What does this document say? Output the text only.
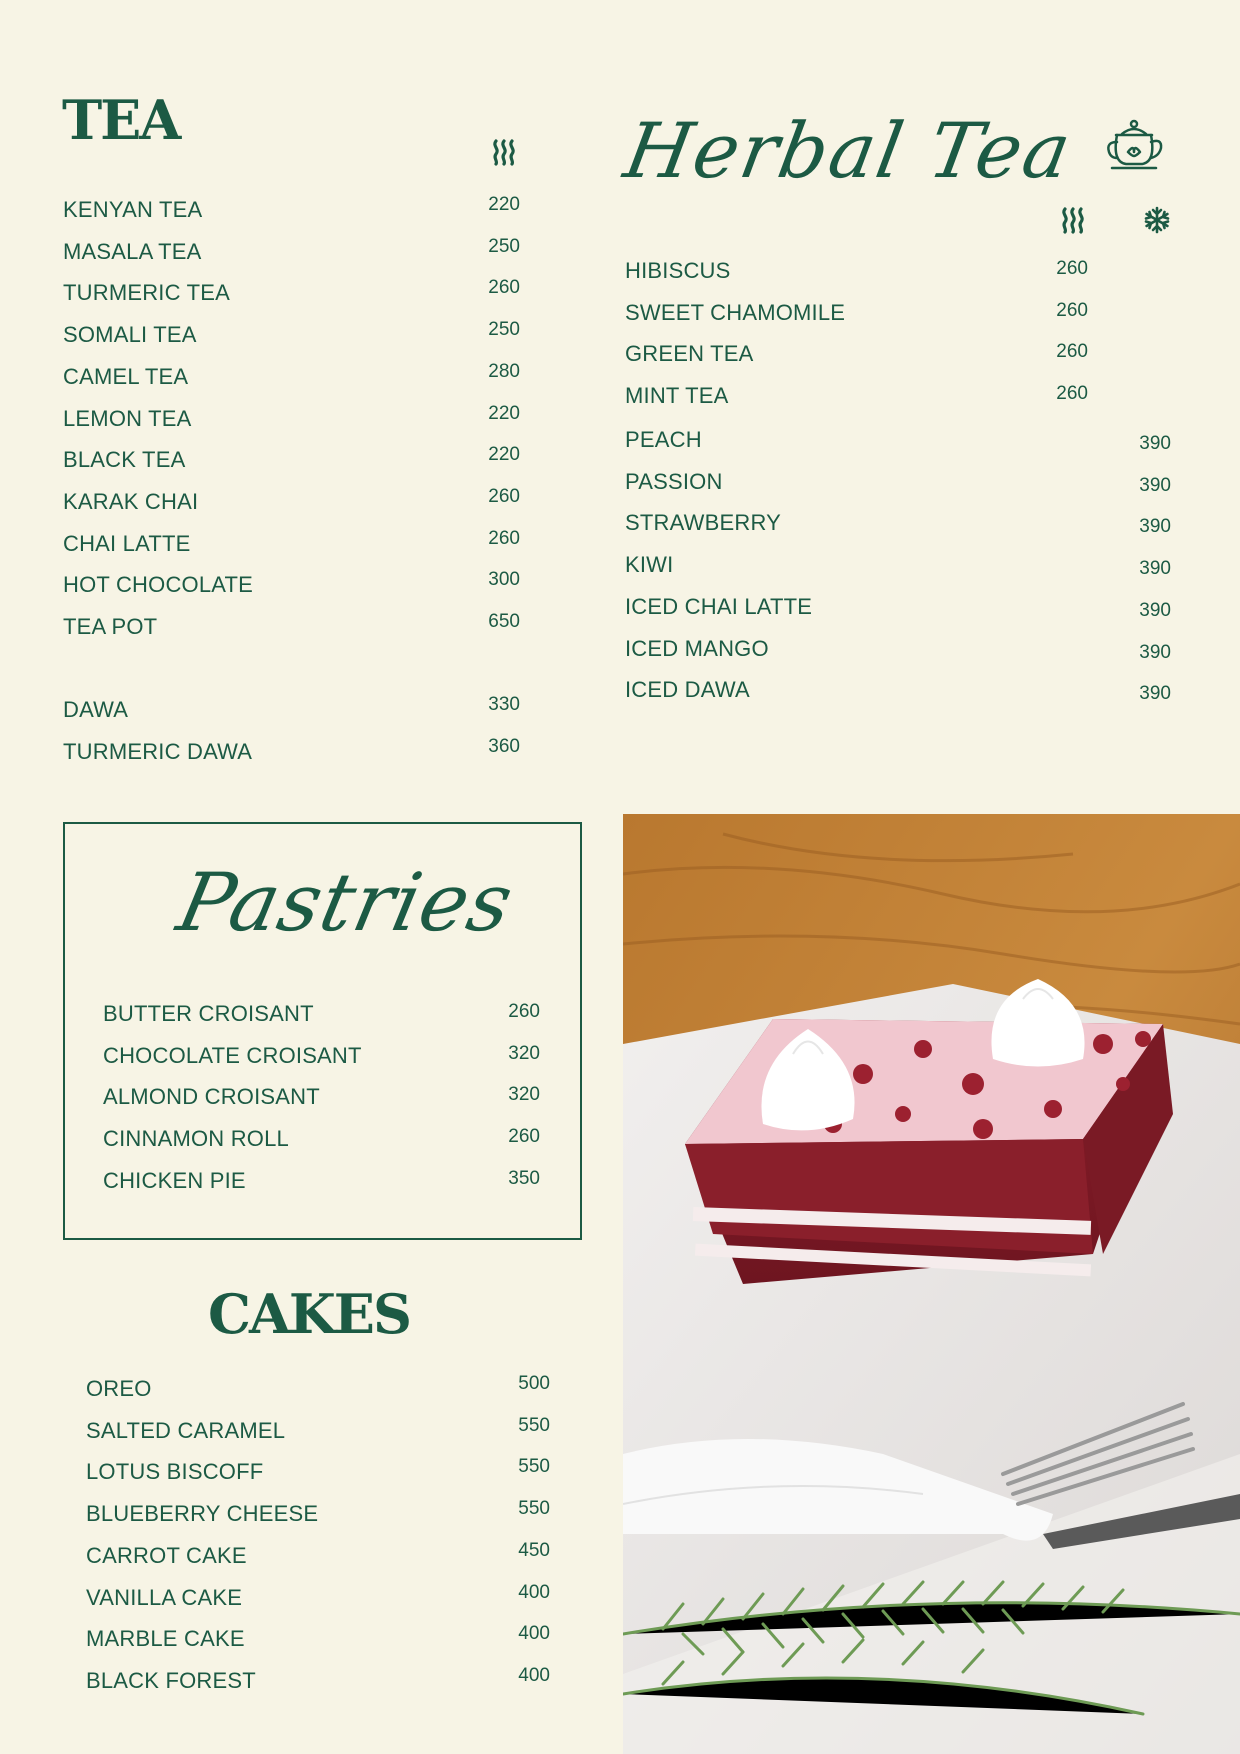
TEA
KENYAN TEA	220
MASALA TEA	250
TURMERIC TEA	260
SOMALI TEA	250
CAMEL TEA	280
LEMON TEA	220
BLACK TEA	220
KARAK CHAI	260
CHAI LATTE	260
HOT CHOCOLATE	300
TEA POT	650
DAWA	330
TURMERIC DAWA	360
Herbal Tea
HIBISCUS	260
SWEET CHAMOMILE	260
GREEN TEA	260
MINT TEA	260
PEACH	390
PASSION	390
STRAWBERRY	390
KIWI	390
ICED CHAI LATTE	390
ICED MANGO	390
ICED DAWA	390
Pastries
BUTTER CROISANT	260
CHOCOLATE CROISANT	320
ALMOND CROISANT	320
CINNAMON ROLL	260
CHICKEN PIE	350
CAKES
OREO	500
SALTED CARAMEL	550
LOTUS BISCOFF	550
BLUEBERRY CHEESE	550
CARROT CAKE	450
VANILLA CAKE	400
MARBLE CAKE	400
BLACK FOREST	400
